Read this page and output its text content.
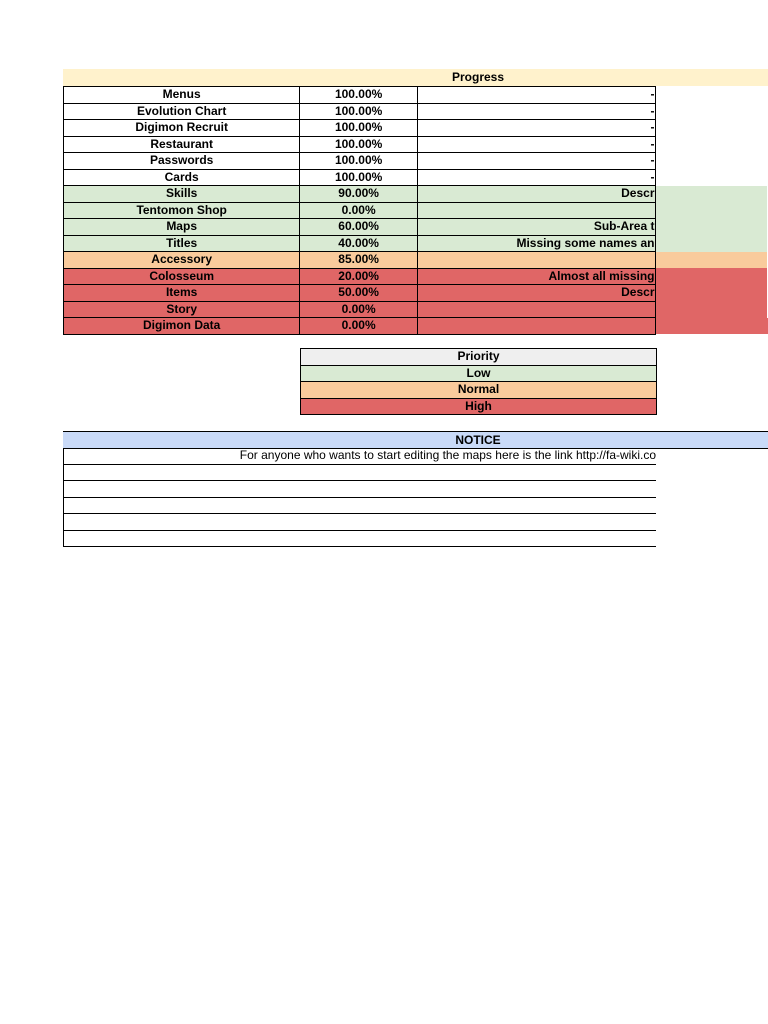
Progress
Menus	100.00%	-	
Evolution Chart	100.00%	-	
Digimon Recruit	100.00%	-	
Restaurant	100.00%	-	
Passwords	100.00%	-	
Cards	100.00%	-	
Skills	90.00%	Descr	
Tentomon Shop	0.00%		
Maps	60.00%	Sub-Area t	
Titles	40.00%	Missing some names an	
Accessory	85.00%		
Colosseum	20.00%	Almost all missing	
Items	50.00%	Descr	
Story	0.00%		
Digimon Data	0.00%		
Priority
Low
Normal
High
NOTICE
For anyone who wants to start editing the maps here is the link http://fa-wiki.co
